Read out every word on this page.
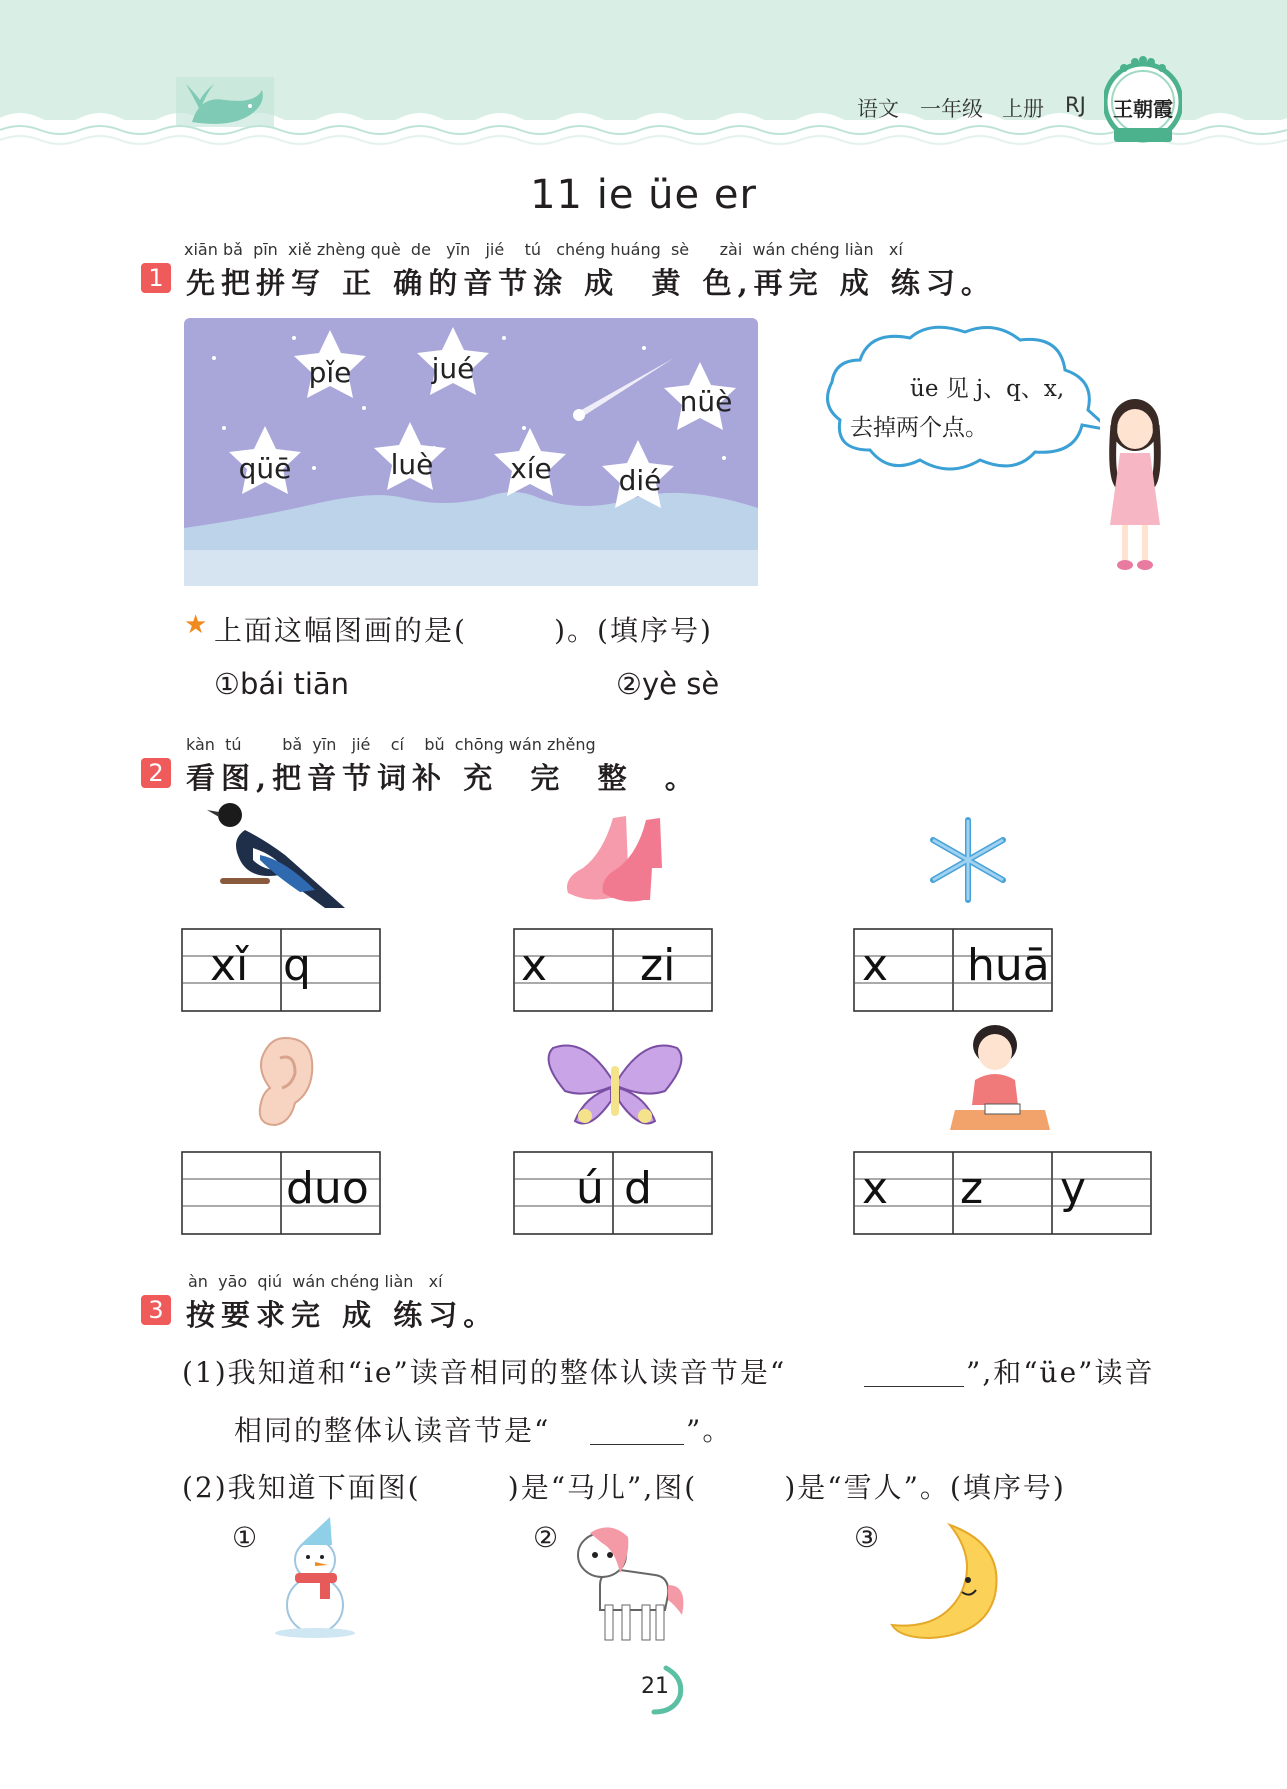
语文 一年级 上册 RJ 王朝霞
11 ie üe er
xiān bǎ  pīn  xiě zhèng què  de   yīn   jié    tú   chéng huáng  sè      zài  wán chéng liàn   xí
1 先把拼写 正 确的音节涂 成  黄 色,再完 成 练习。
pǐe	jué
nüè
qüē	luè	xíe	dié
üe 见 j、q、x,
去掉两个点。
★ 上面这幅图画的是(        )。(填序号)
①bái tiān	②yè sè
kàn  tú        bǎ  yīn   jié    cí    bǔ  chōng wán zhěng
2 看图,把音节词补 充  完  整  。
xǐ q	x zi	x huā
duo	ú d	x z y
àn  yāo  qiú  wán chéng liàn   xí
3 按要求完 成 练习。
(1)我知道和“ie”读音相同的整体认读音节是“	”,和“üe”读音
相同的整体认读音节是“	”。
(2)我知道下面图(        )是“马儿”,图(        )是“雪人”。(填序号)
①	②	③
21
